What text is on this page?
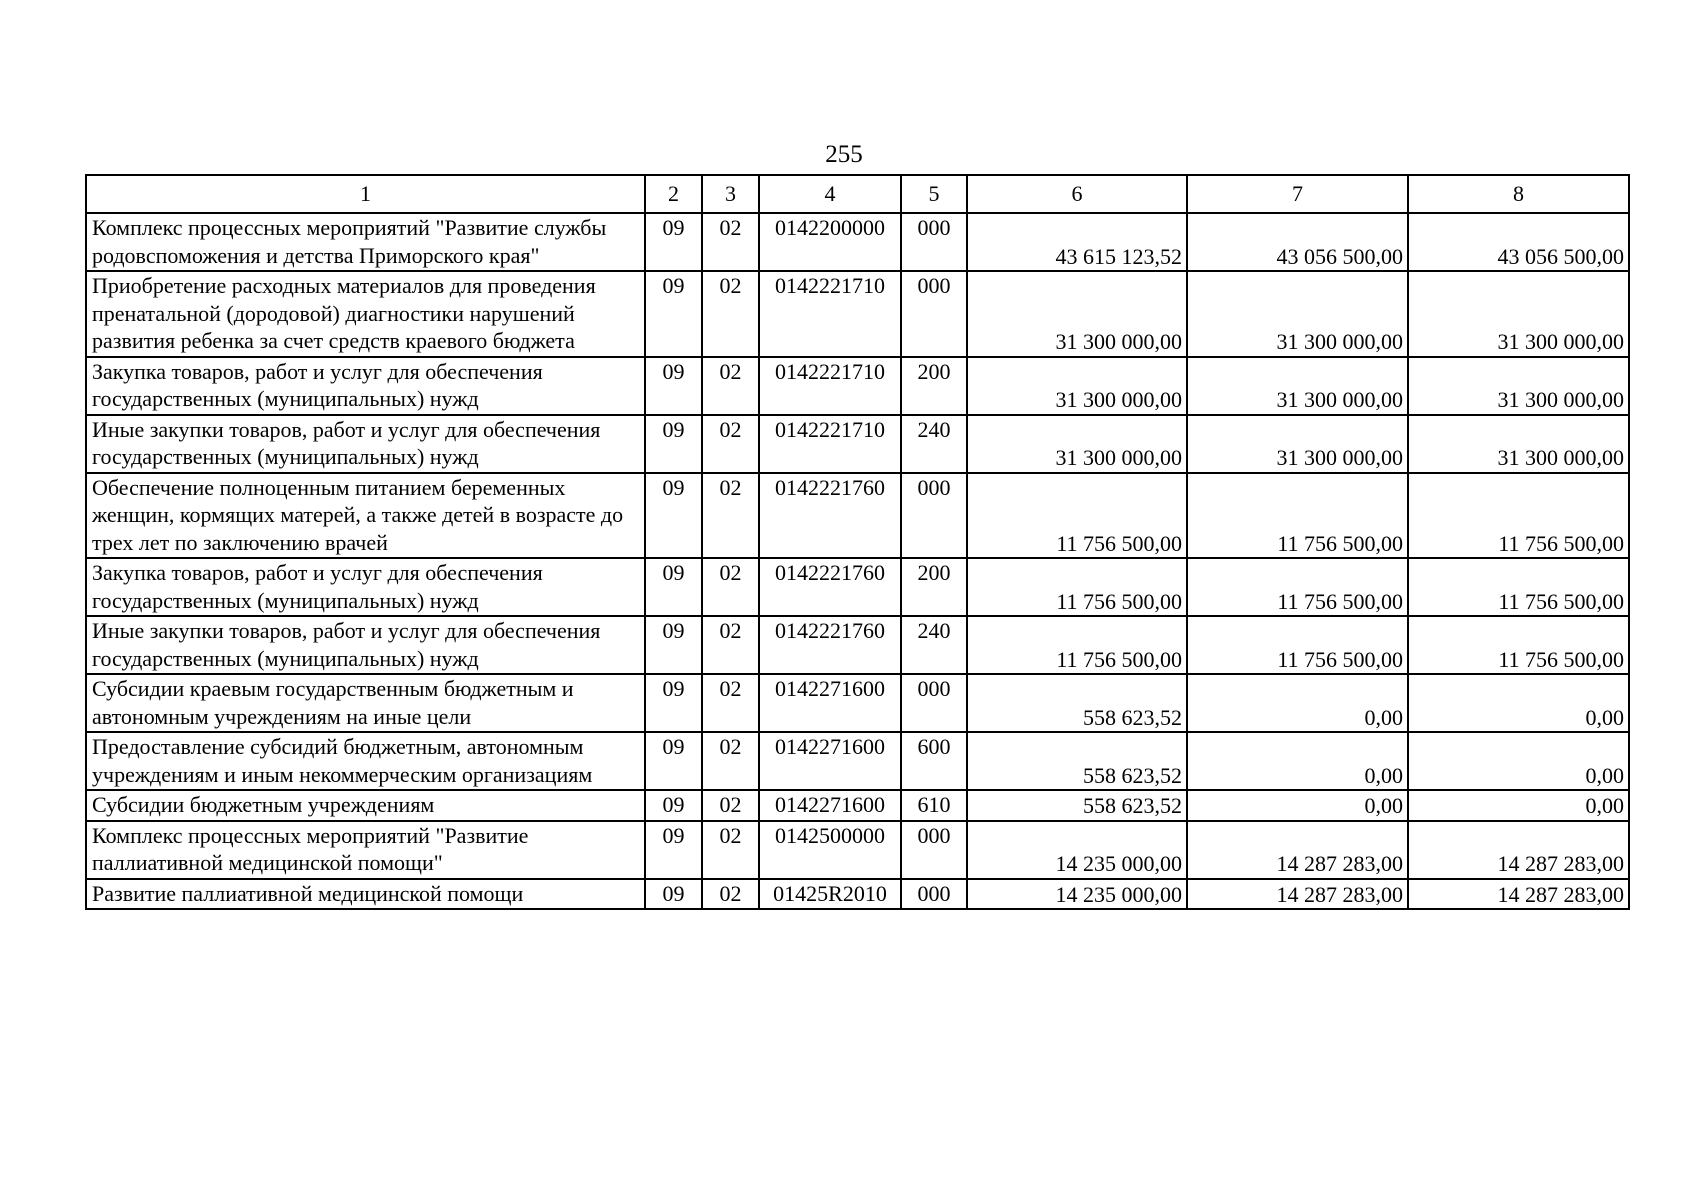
255
1	2	3	4	5	6	7	8
Комплекс процессных мероприятий "Развитие службы родовспоможения и детства Приморского края"	09	02	0142200000	000	43 615 123,52	43 056 500,00	43 056 500,00
Приобретение расходных материалов для проведения пренатальной (дородовой) диагностики нарушений развития ребенка за счет средств краевого бюджета	09	02	0142221710	000	31 300 000,00	31 300 000,00	31 300 000,00
Закупка товаров, работ и услуг для обеспечения государственных (муниципальных) нужд	09	02	0142221710	200	31 300 000,00	31 300 000,00	31 300 000,00
Иные закупки товаров, работ и услуг для обеспечения государственных (муниципальных) нужд	09	02	0142221710	240	31 300 000,00	31 300 000,00	31 300 000,00
Обеспечение полноценным питанием беременных женщин, кормящих матерей, а также детей в возрасте до трех лет по заключению врачей	09	02	0142221760	000	11 756 500,00	11 756 500,00	11 756 500,00
Закупка товаров, работ и услуг для обеспечения государственных (муниципальных) нужд	09	02	0142221760	200	11 756 500,00	11 756 500,00	11 756 500,00
Иные закупки товаров, работ и услуг для обеспечения государственных (муниципальных) нужд	09	02	0142221760	240	11 756 500,00	11 756 500,00	11 756 500,00
Субсидии краевым государственным бюджетным и автономным учреждениям на иные цели	09	02	0142271600	000	558 623,52	0,00	0,00
Предоставление субсидий бюджетным, автономным учреждениям и иным некоммерческим организациям	09	02	0142271600	600	558 623,52	0,00	0,00
Субсидии бюджетным учреждениям	09	02	0142271600	610	558 623,52	0,00	0,00
Комплекс процессных мероприятий "Развитие паллиативной медицинской помощи"	09	02	0142500000	000	14 235 000,00	14 287 283,00	14 287 283,00
Развитие паллиативной медицинской помощи	09	02	01425R2010	000	14 235 000,00	14 287 283,00	14 287 283,00
